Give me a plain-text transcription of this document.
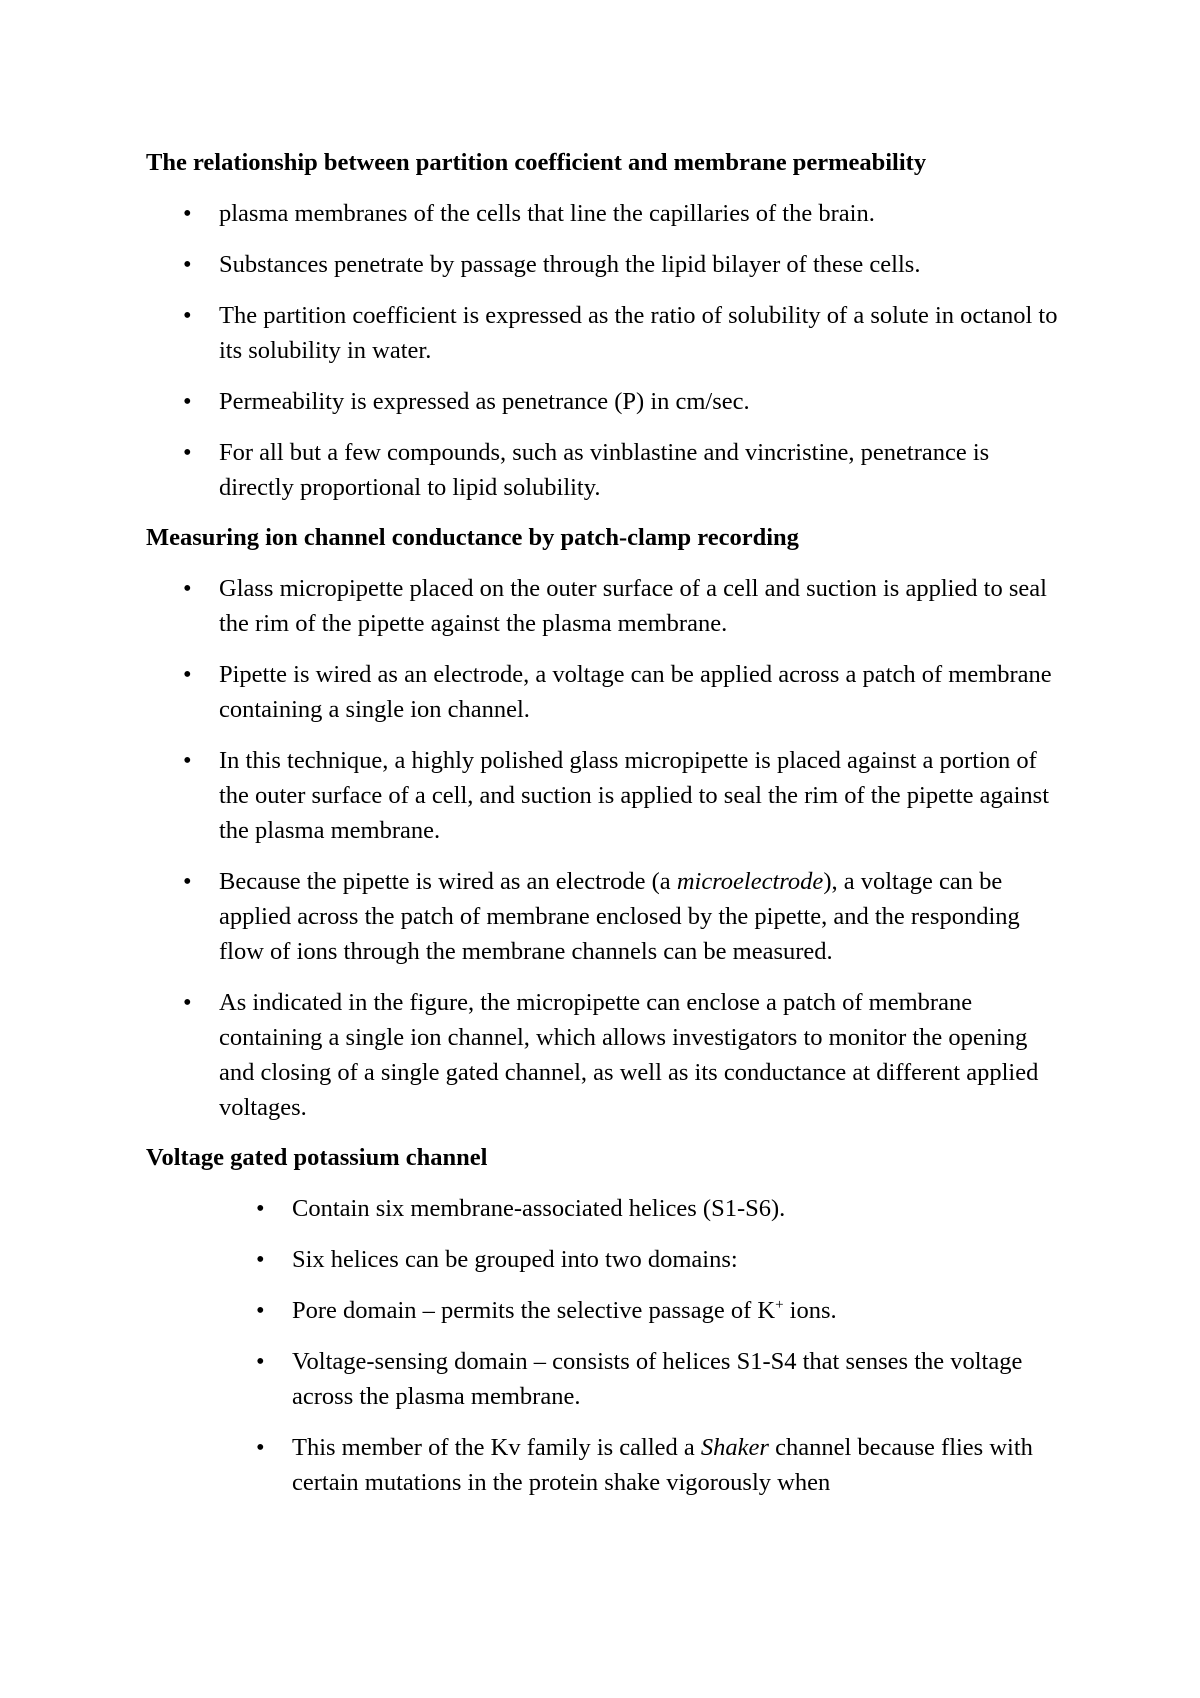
The relationship between partition coefficient and membrane permeability
• plasma membranes of the cells that line the capillaries of the brain.
• Substances penetrate by passage through the lipid bilayer of these cells.
• The partition coefficient is expressed as the ratio of solubility of a solute in octanol to its solubility in water.
• Permeability is expressed as penetrance (P) in cm/sec.
• For all but a few compounds, such as vinblastine and vincristine, penetrance is directly proportional to lipid solubility.
Measuring ion channel conductance by patch-clamp recording
• Glass micropipette placed on the outer surface of a cell and suction is applied to seal the rim of the pipette against the plasma membrane.
• Pipette is wired as an electrode, a voltage can be applied across a patch of membrane containing a single ion channel.
• In this technique, a highly polished glass micropipette is placed against a portion of the outer surface of a cell, and suction is applied to seal the rim of the pipette against the plasma membrane.
• Because the pipette is wired as an electrode (a microelectrode), a voltage can be applied across the patch of membrane enclosed by the pipette, and the responding flow of ions through the membrane channels can be measured.
• As indicated in the figure, the micropipette can enclose a patch of membrane containing a single ion channel, which allows investigators to monitor the opening and closing of a single gated channel, as well as its conductance at different applied voltages.
Voltage gated potassium channel
• Contain six membrane-associated helices (S1-S6).
• Six helices can be grouped into two domains:
• Pore domain – permits the selective passage of K+ ions.
• Voltage-sensing domain – consists of helices S1-S4 that senses the voltage across the plasma membrane.
• This member of the Kv family is called a Shaker channel because flies with certain mutations in the protein shake vigorously when
